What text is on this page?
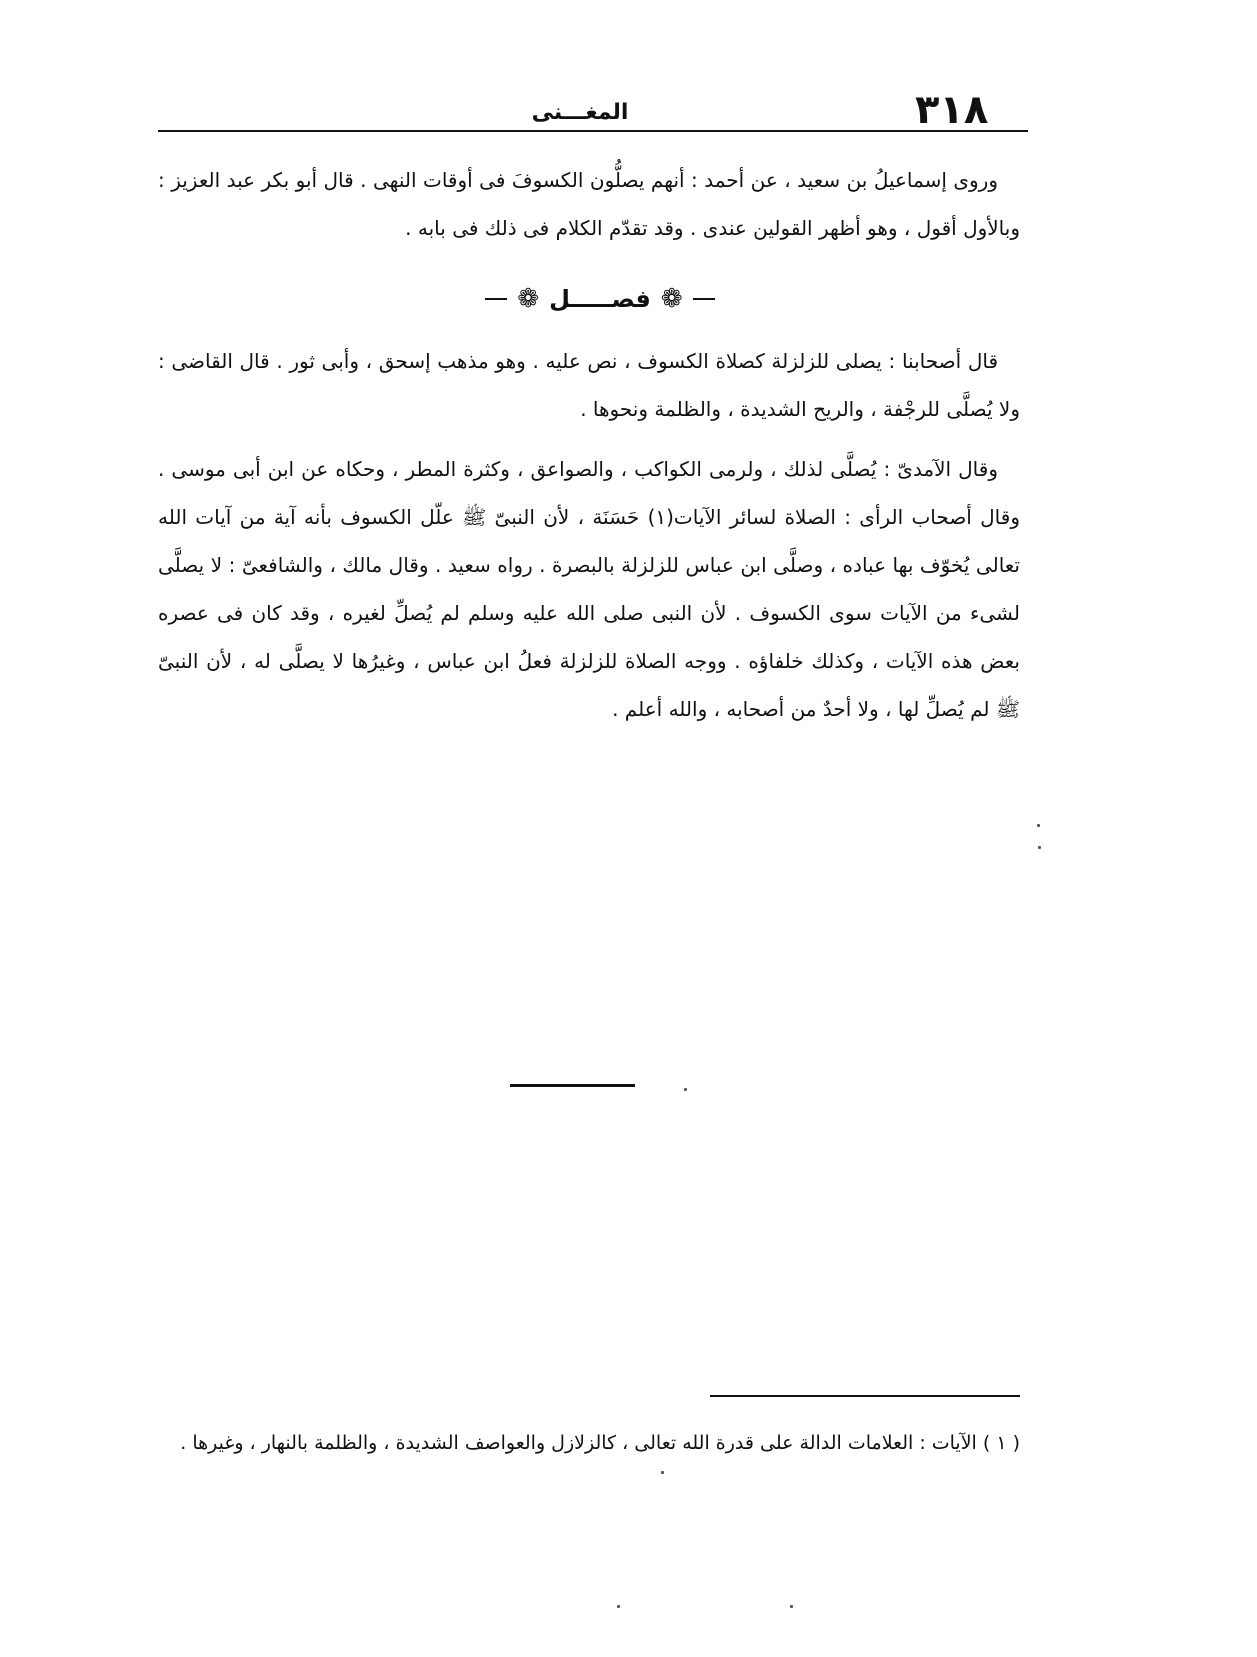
٣١٨
المغـــنى
وروى إسماعيلُ بن سعيد ، عن أحمد : أنهم يصلُّون الكسوفَ فى أوقات النهى . قال أبو بكر عبد العزيز : وبالأول أقول ، وهو أظهر القولين عندى . وقد تقدّم الكلام فى ذلك فى بابه .
❁
فصـــــل
❁
قال أصحابنا : يصلى للزلزلة كصلاة الكسوف ، نص عليه . وهو مذهب إسحق ، وأبى ثور . قال القاضى : ولا يُصلَّى للرجْفة ، والريح الشديدة ، والظلمة ونحوها .
وقال الآمدىّ : يُصلَّى لذلك ، ولرمى الكواكب ، والصواعق ، وكثرة المطر ، وحكاه عن ابن أبى موسى . وقال أصحاب الرأى : الصلاة لسائر الآيات(١) حَسَنَة ، لأن النبىّ ﷺ علّل الكسوف بأنه آية من آيات الله تعالى يُخوّف بها عباده ، وصلَّى ابن عباس للزلزلة بالبصرة . رواه سعيد . وقال مالك ، والشافعىّ : لا يصلَّى لشىء من الآيات سوى الكسوف . لأن النبى صلى الله عليه وسلم لم يُصلِّ لغيره ، وقد كان فى عصره بعض هذه الآيات ، وكذلك خلفاؤه . ووجه الصلاة للزلزلة فعلُ ابن عباس ، وغيرُها لا يصلَّى له ، لأن النبىّ ﷺ لم يُصلِّ لها ، ولا أحدٌ من أصحابه ، والله أعلم .
( ١ ) الآيات : العلامات الدالة على قدرة الله تعالى ، كالزلازل والعواصف الشديدة ، والظلمة بالنهار ، وغيرها .
